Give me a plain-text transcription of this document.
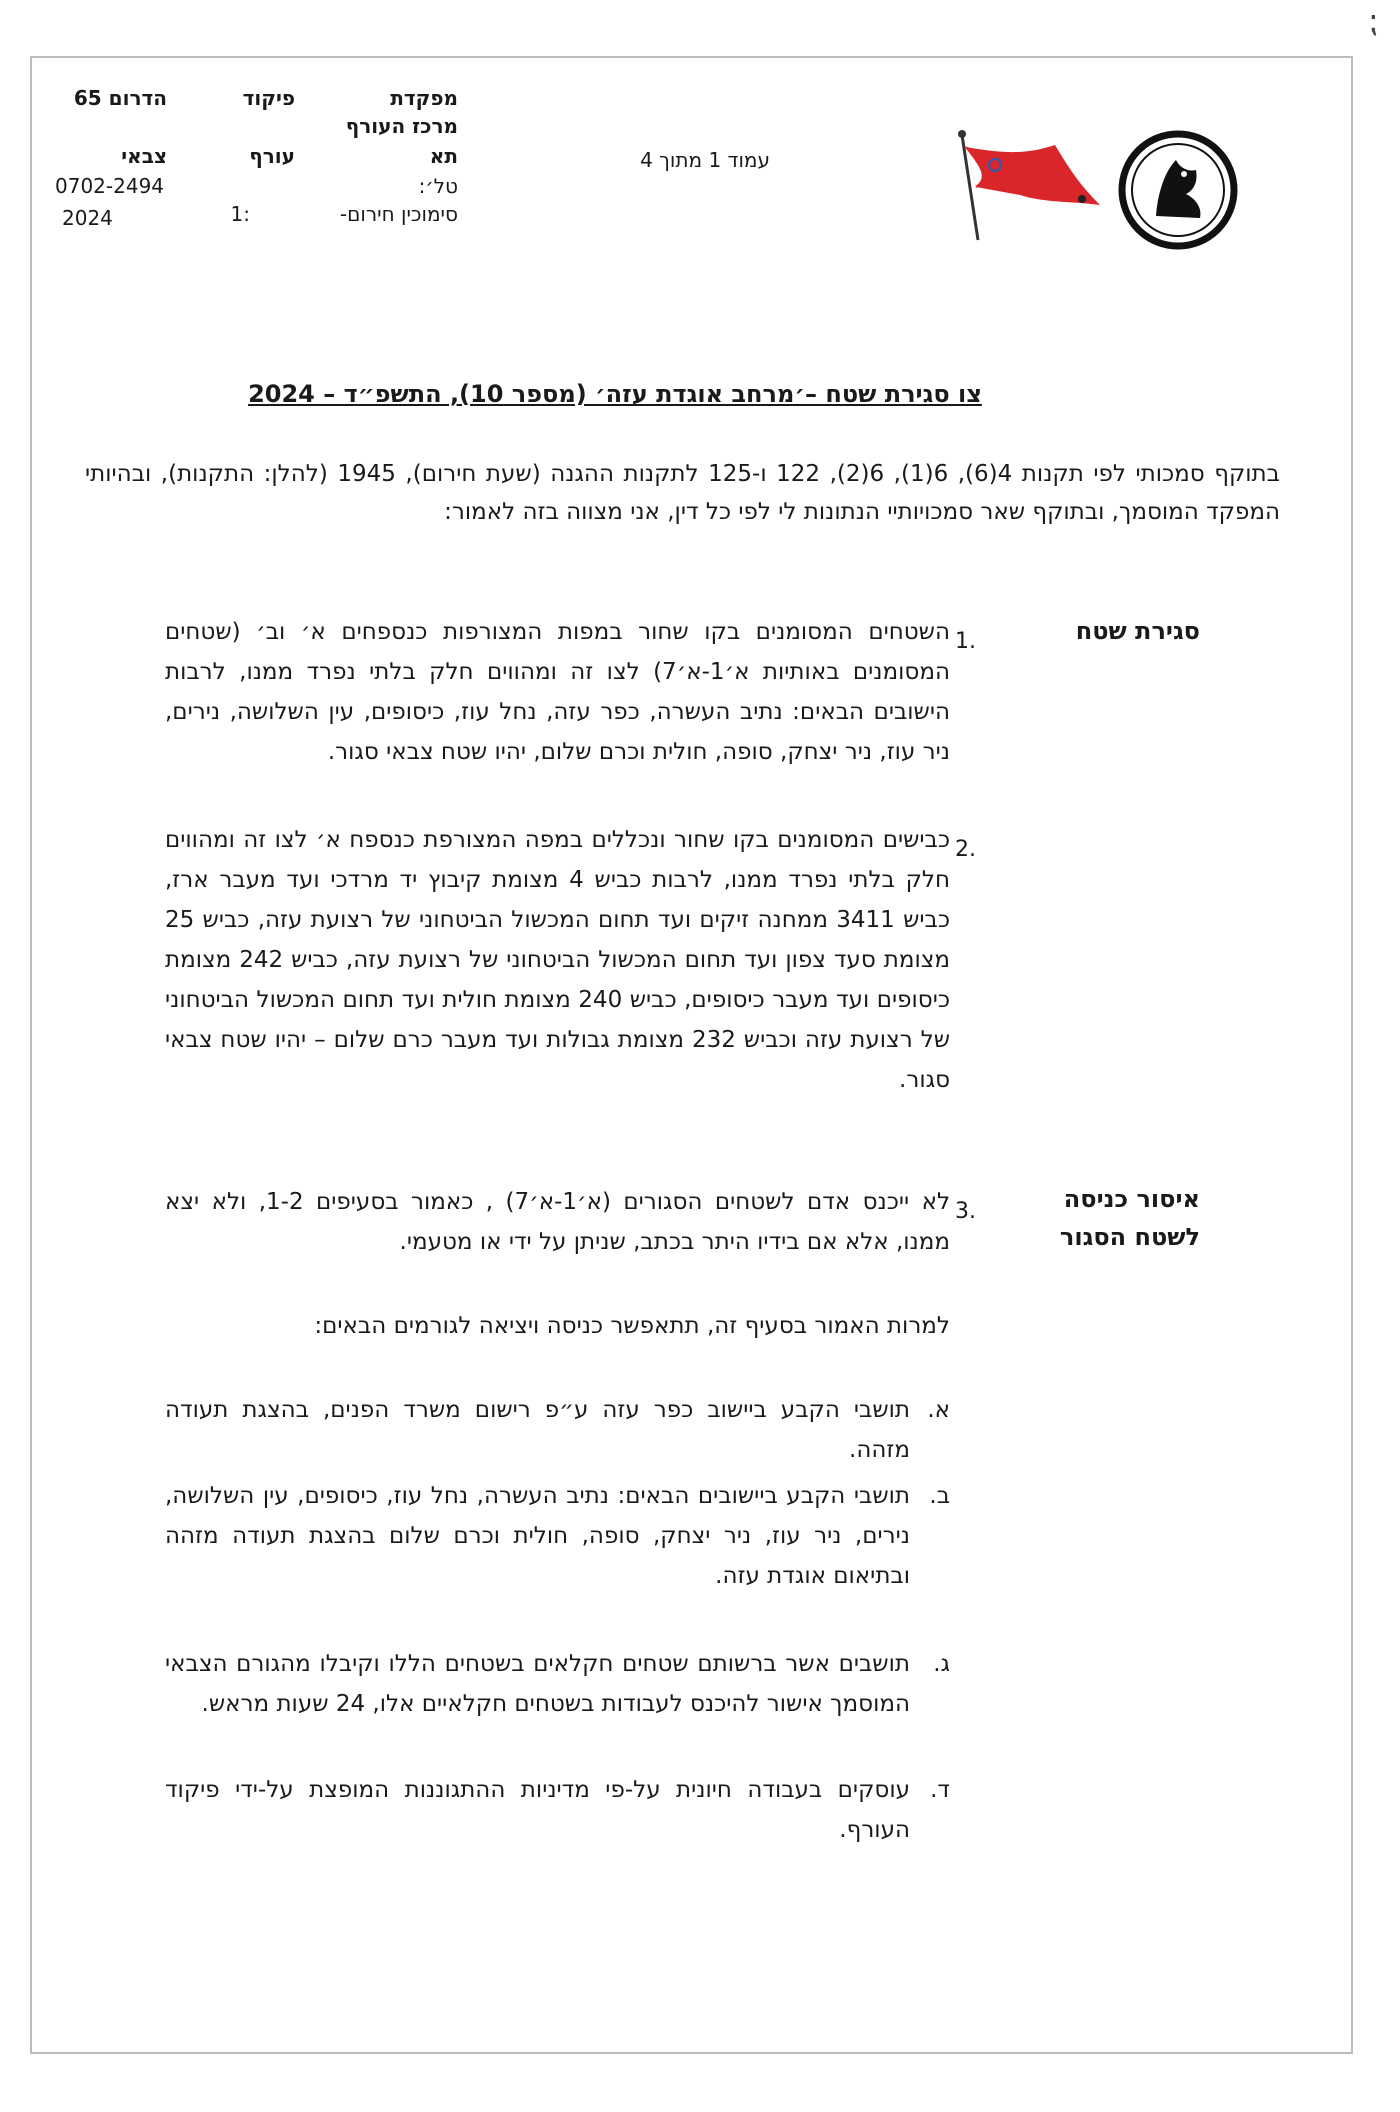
⁏
מפקדת
מרכז העורף
תא
טל׳:
סימוכין חירום-
פיקוד
עורף
:1
הדרום 65
צבאי
0702-2494
2024
עמוד 1 מתוך 4
צו סגירת שטח –׳מרחב אוגדת עזה׳ (מספר 10), התשפ״ד – 2024
בתוקף סמכותי לפי תקנות 4(6), 6(1), 6(2), 122 ו-125 לתקנות ההגנה (שעת חירום), 1945 (להלן: התקנות), ובהיותי המפקד המוסמך, ובתוקף שאר סמכויותיי הנתונות לי לפי כל דין, אני מצווה בזה לאמור:
סגירת שטח
1.
השטחים המסומנים בקו שחור במפות המצורפות כנספחים א׳ וב׳ (שטחים המסומנים באותיות א׳1-א׳7) לצו זה ומהווים חלק בלתי נפרד ממנו, לרבות הישובים הבאים: נתיב העשרה, כפר עזה, נחל עוז, כיסופים, עין השלושה, נירים, ניר עוז, ניר יצחק, סופה, חולית וכרם שלום, יהיו שטח צבאי סגור.
2.
כבישים המסומנים בקו שחור ונכללים במפה המצורפת כנספח א׳ לצו זה ומהווים חלק בלתי נפרד ממנו, לרבות כביש 4 מצומת קיבוץ יד מרדכי ועד מעבר ארז, כביש 3411 ממחנה זיקים ועד תחום המכשול הביטחוני של רצועת עזה, כביש 25 מצומת סעד צפון ועד תחום המכשול הביטחוני של רצועת עזה, כביש 242 מצומת כיסופים ועד מעבר כיסופים, כביש 240 מצומת חולית ועד תחום המכשול הביטחוני של רצועת עזה וכביש 232 מצומת גבולות ועד מעבר כרם שלום – יהיו שטח צבאי סגור.
איסור כניסה
לשטח הסגור
3.
לא ייכנס אדם לשטחים הסגורים (א׳1-א׳7) , כאמור בסעיפים 1-2, ולא יצא ממנו, אלא אם בידיו היתר בכתב, שניתן על ידי או מטעמי.
למרות האמור בסעיף זה, תתאפשר כניסה ויציאה לגורמים הבאים:
א.
תושבי הקבע ביישוב כפר עזה ע״פ רישום משרד הפנים, בהצגת תעודה מזהה.
ב.
תושבי הקבע ביישובים הבאים: נתיב העשרה, נחל עוז, כיסופים, עין השלושה, נירים, ניר עוז, ניר יצחק, סופה, חולית וכרם שלום בהצגת תעודה מזהה ובתיאום אוגדת עזה.
ג.
תושבים אשר ברשותם שטחים חקלאים בשטחים הללו וקיבלו מהגורם הצבאי המוסמך אישור להיכנס לעבודות בשטחים חקלאיים אלו, 24 שעות מראש.
ד.
עוסקים בעבודה חיונית על-פי מדיניות ההתגוננות המופצת על-ידי פיקוד העורף.
